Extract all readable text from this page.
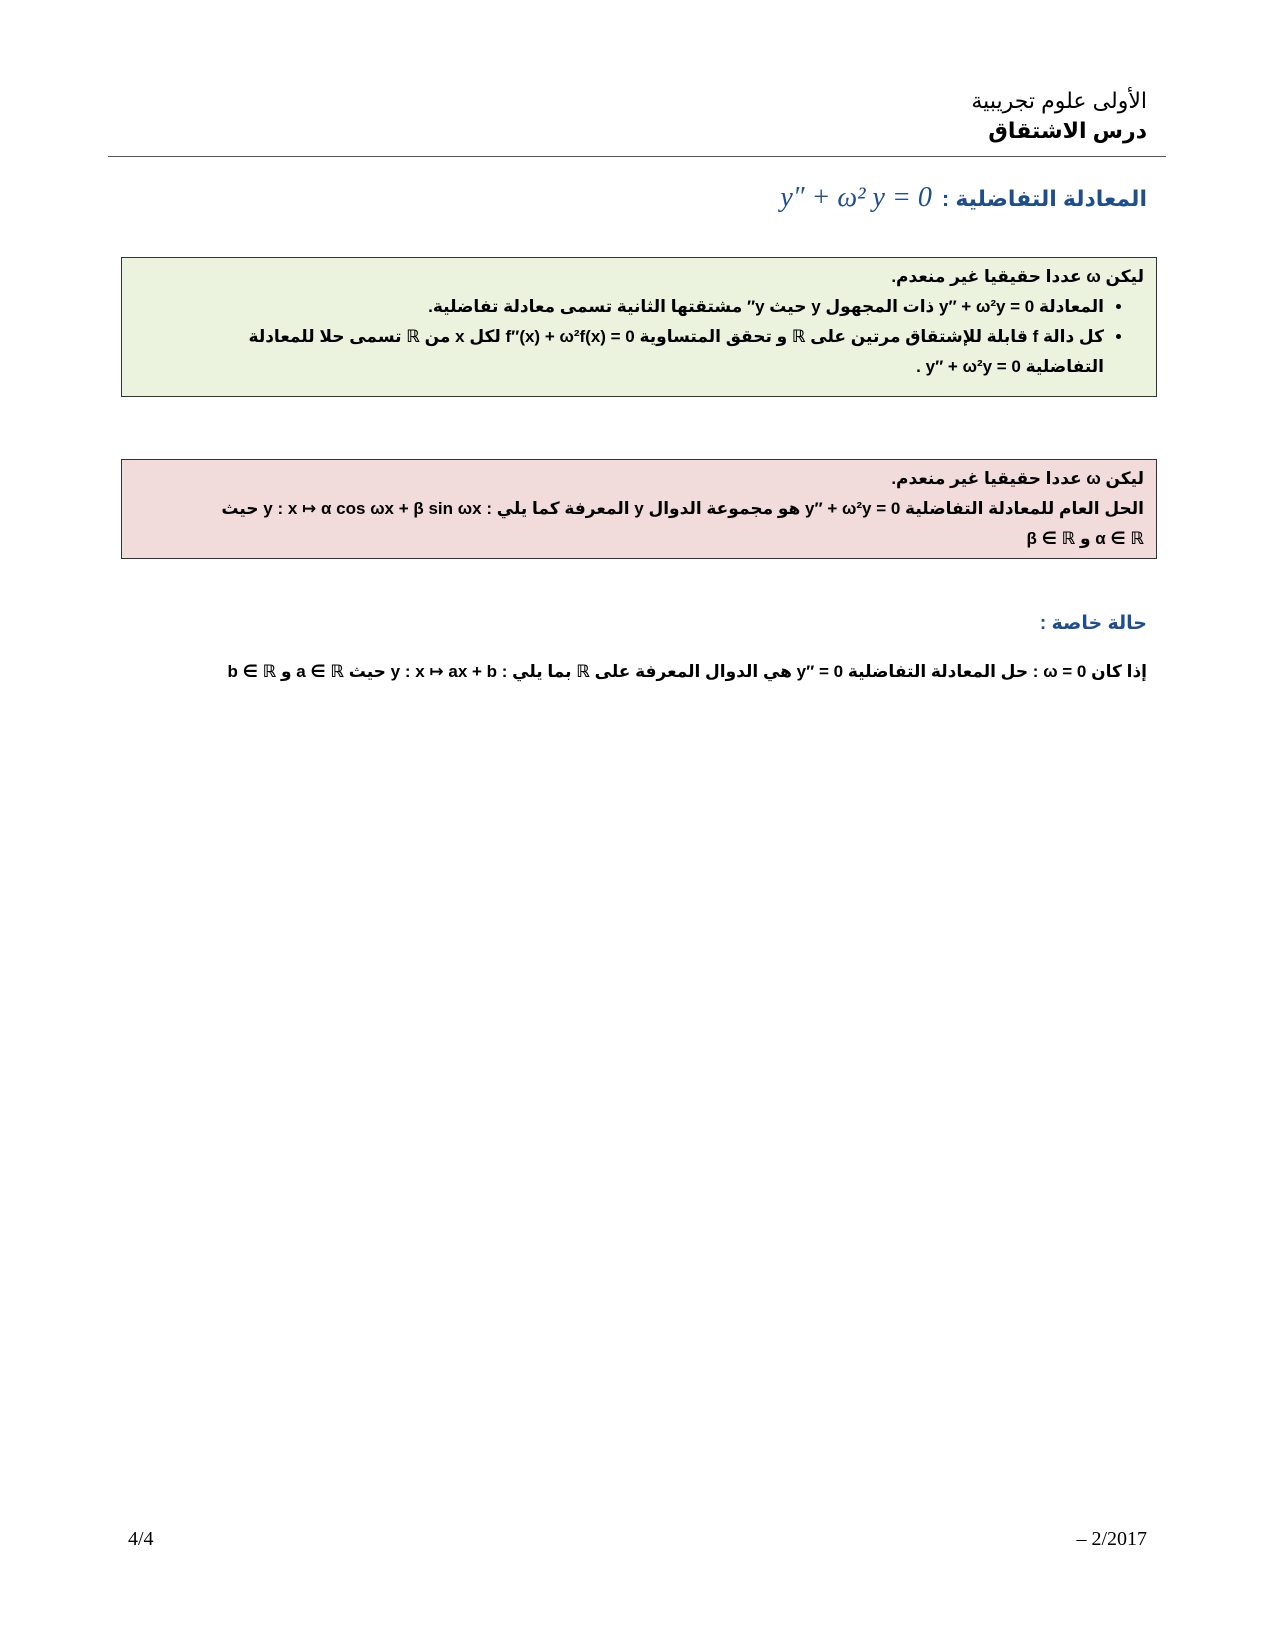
الأولى علوم تجريبية
درس الاشتقاق
المعادلة التفاضلية :
y″ + ω² y = 0
ليكن ω عددا حقيقيا غير منعدم.
• المعادلة y″ + ω²y = 0 ذات المجهول y حيث y″ مشتقتها الثانية تسمى معادلة تفاضلية.
• كل دالة f قابلة للإشتقاق مرتين على ℝ و تحقق المتساوية f″(x) + ω²f(x) = 0 لكل x من ℝ تسمى حلا للمعادلة
التفاضلية y″ + ω²y = 0 .
ليكن ω عددا حقيقيا غير منعدم.
الحل العام للمعادلة التفاضلية y″ + ω²y = 0 هو مجموعة الدوال y المعرفة كما يلي : y : x ↦ α cos ωx + β sin ωx حيث
α ∈ ℝ و β ∈ ℝ
حالة خاصة :
إذا كان ω = 0 : حل المعادلة التفاضلية y″ = 0 هي الدوال المعرفة على ℝ بما يلي : y : x ↦ ax + b حيث a ∈ ℝ و b ∈ ℝ
4/4	– 2/2017
